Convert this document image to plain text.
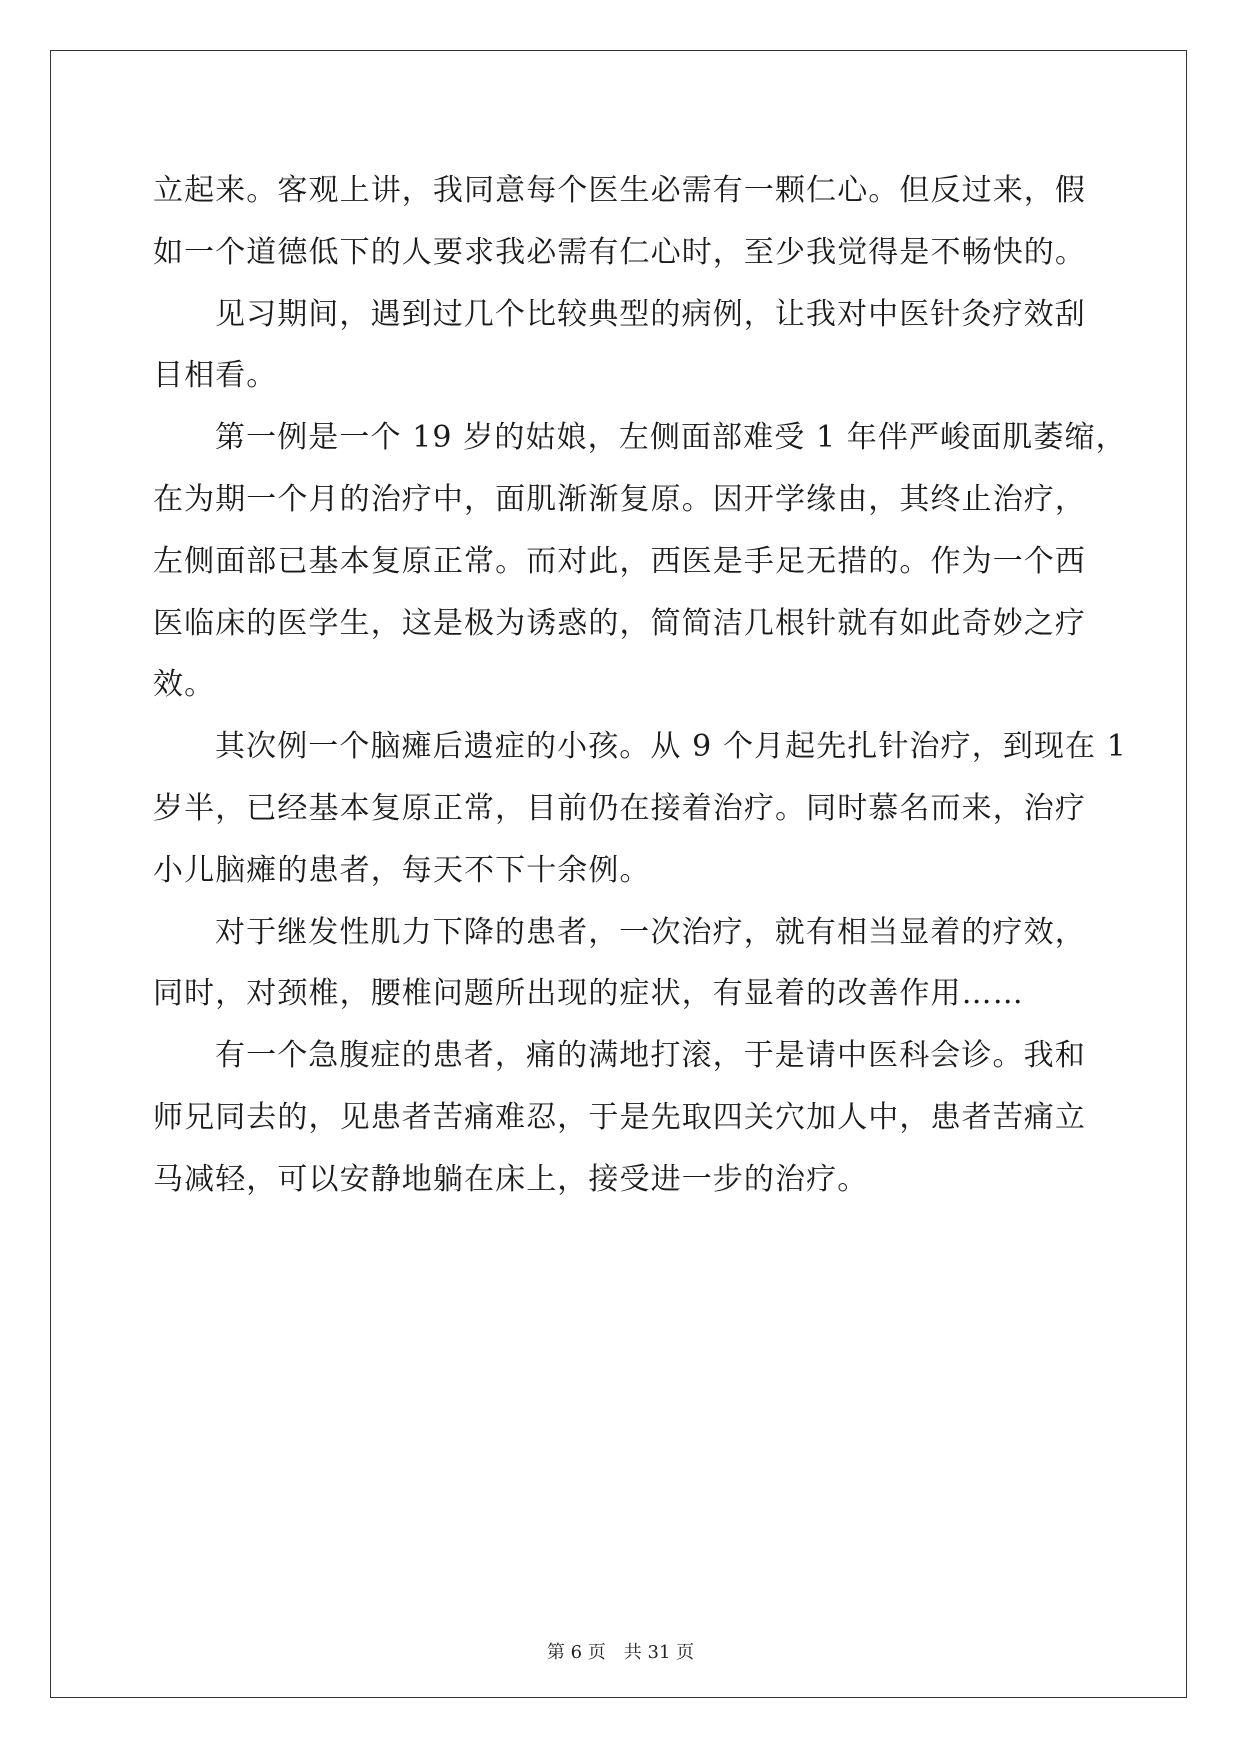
立起来。客观上讲，我同意每个医生必需有一颗仁心。但反过来，假
如一个道德低下的人要求我必需有仁心时，至少我觉得是不畅快的。
见习期间，遇到过几个比较典型的病例，让我对中医针灸疗效刮
目相看。
第一例是一个 19 岁的姑娘，左侧面部难受 1 年伴严峻面肌萎缩，
在为期一个月的治疗中，面肌渐渐复原。因开学缘由，其终止治疗，
左侧面部已基本复原正常。而对此，西医是手足无措的。作为一个西
医临床的医学生，这是极为诱惑的，简简洁几根针就有如此奇妙之疗
效。
其次例一个脑瘫后遗症的小孩。从 9 个月起先扎针治疗，到现在 1
岁半，已经基本复原正常，目前仍在接着治疗。同时慕名而来，治疗
小儿脑瘫的患者，每天不下十余例。
对于继发性肌力下降的患者，一次治疗，就有相当显着的疗效，
同时，对颈椎，腰椎问题所出现的症状，有显着的改善作用……
有一个急腹症的患者，痛的满地打滚，于是请中医科会诊。我和
师兄同去的，见患者苦痛难忍，于是先取四关穴加人中，患者苦痛立
马减轻，可以安静地躺在床上，接受进一步的治疗。
第 6 页 共 31 页
